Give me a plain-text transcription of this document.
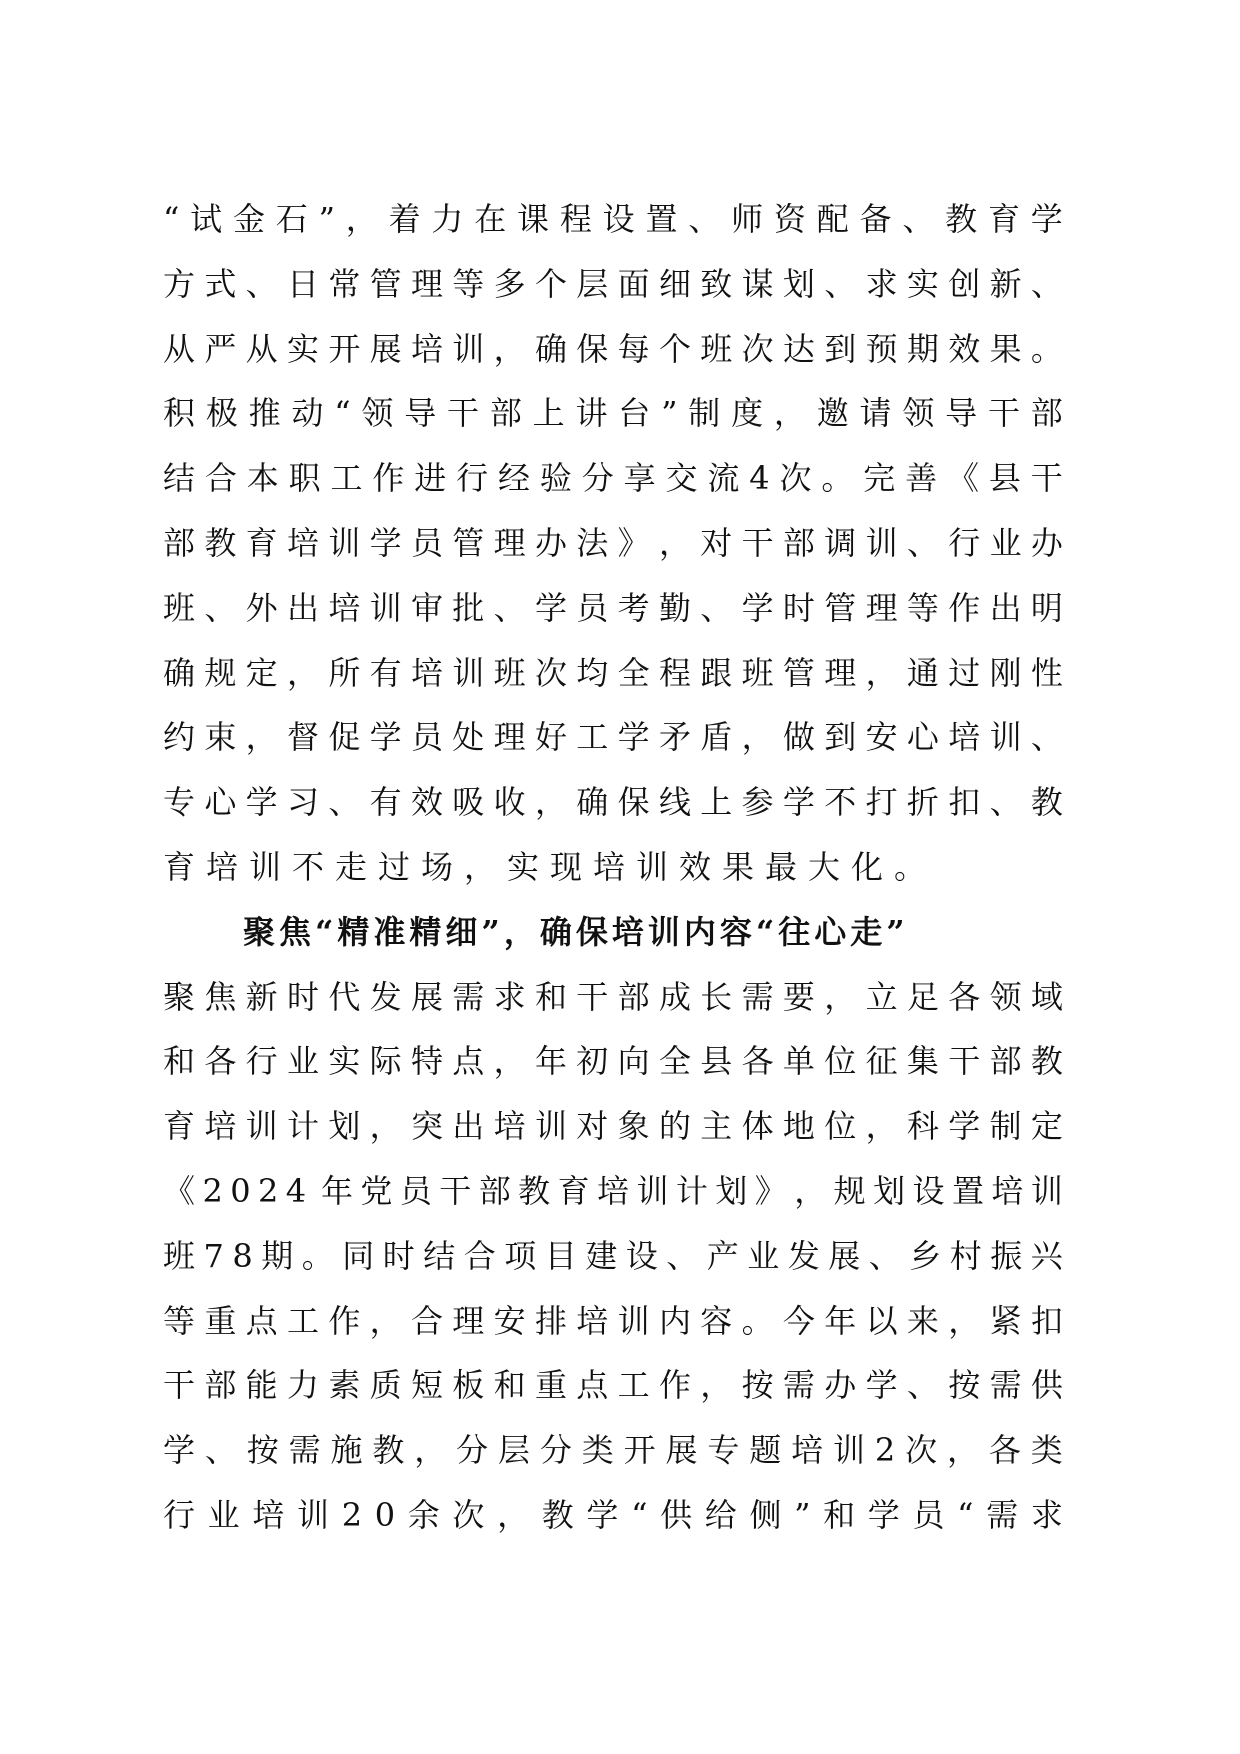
“ 试 金 石 ” ， 着 力 在 课 程 设 置 、 师 资 配 备 、 教 育 学
方 式 、 日 常 管 理 等 多 个 层 面 细 致 谋 划 、 求 实 创 新 、
从 严 从 实 开 展 培 训 ， 确 保 每 个 班 次 达 到 预 期 效 果 。
积 极 推 动 “ 领 导 干 部 上 讲 台 ” 制 度 ， 邀 请 领 导 干 部
结 合 本 职 工 作 进 行 经 验 分 享 交 流 4 次 。 完 善 《 县 干
部 教 育 培 训 学 员 管 理 办 法 》 ， 对 干 部 调 训 、 行 业 办
班 、 外 出 培 训 审 批 、 学 员 考 勤 、 学 时 管 理 等 作 出 明
确 规 定 ， 所 有 培 训 班 次 均 全 程 跟 班 管 理 ， 通 过 刚 性
约 束 ， 督 促 学 员 处 理 好 工 学 矛 盾 ， 做 到 安 心 培 训 、
专 心 学 习 、 有 效 吸 收 ， 确 保 线 上 参 学 不 打 折 扣 、 教
育培训不走过场，实现培训效果最大化。
聚焦“精准精细”，确保培训内容“往心走”
聚 焦 新 时 代 发 展 需 求 和 干 部 成 长 需 要 ， 立 足 各 领 域
和 各 行 业 实 际 特 点 ， 年 初 向 全 县 各 单 位 征 集 干 部 教
育 培 训 计 划 ， 突 出 培 训 对 象 的 主 体 地 位 ， 科 学 制 定
《 2 0 2 4 年 党 员 干 部 教 育 培 训 计 划 》 ， 规 划 设 置 培 训
班 7 8 期 。 同 时 结 合 项 目 建 设 、 产 业 发 展 、 乡 村 振 兴
等 重 点 工 作 ， 合 理 安 排 培 训 内 容 。 今 年 以 来 ， 紧 扣
干 部 能 力 素 质 短 板 和 重 点 工 作 ， 按 需 办 学 、 按 需 供
学 、 按 需 施 教 ， 分 层 分 类 开 展 专 题 培 训 2 次 ， 各 类
行 业 培 训 2 0 余 次 ， 教 学 “ 供 给 侧 ” 和 学 员 “ 需 求
